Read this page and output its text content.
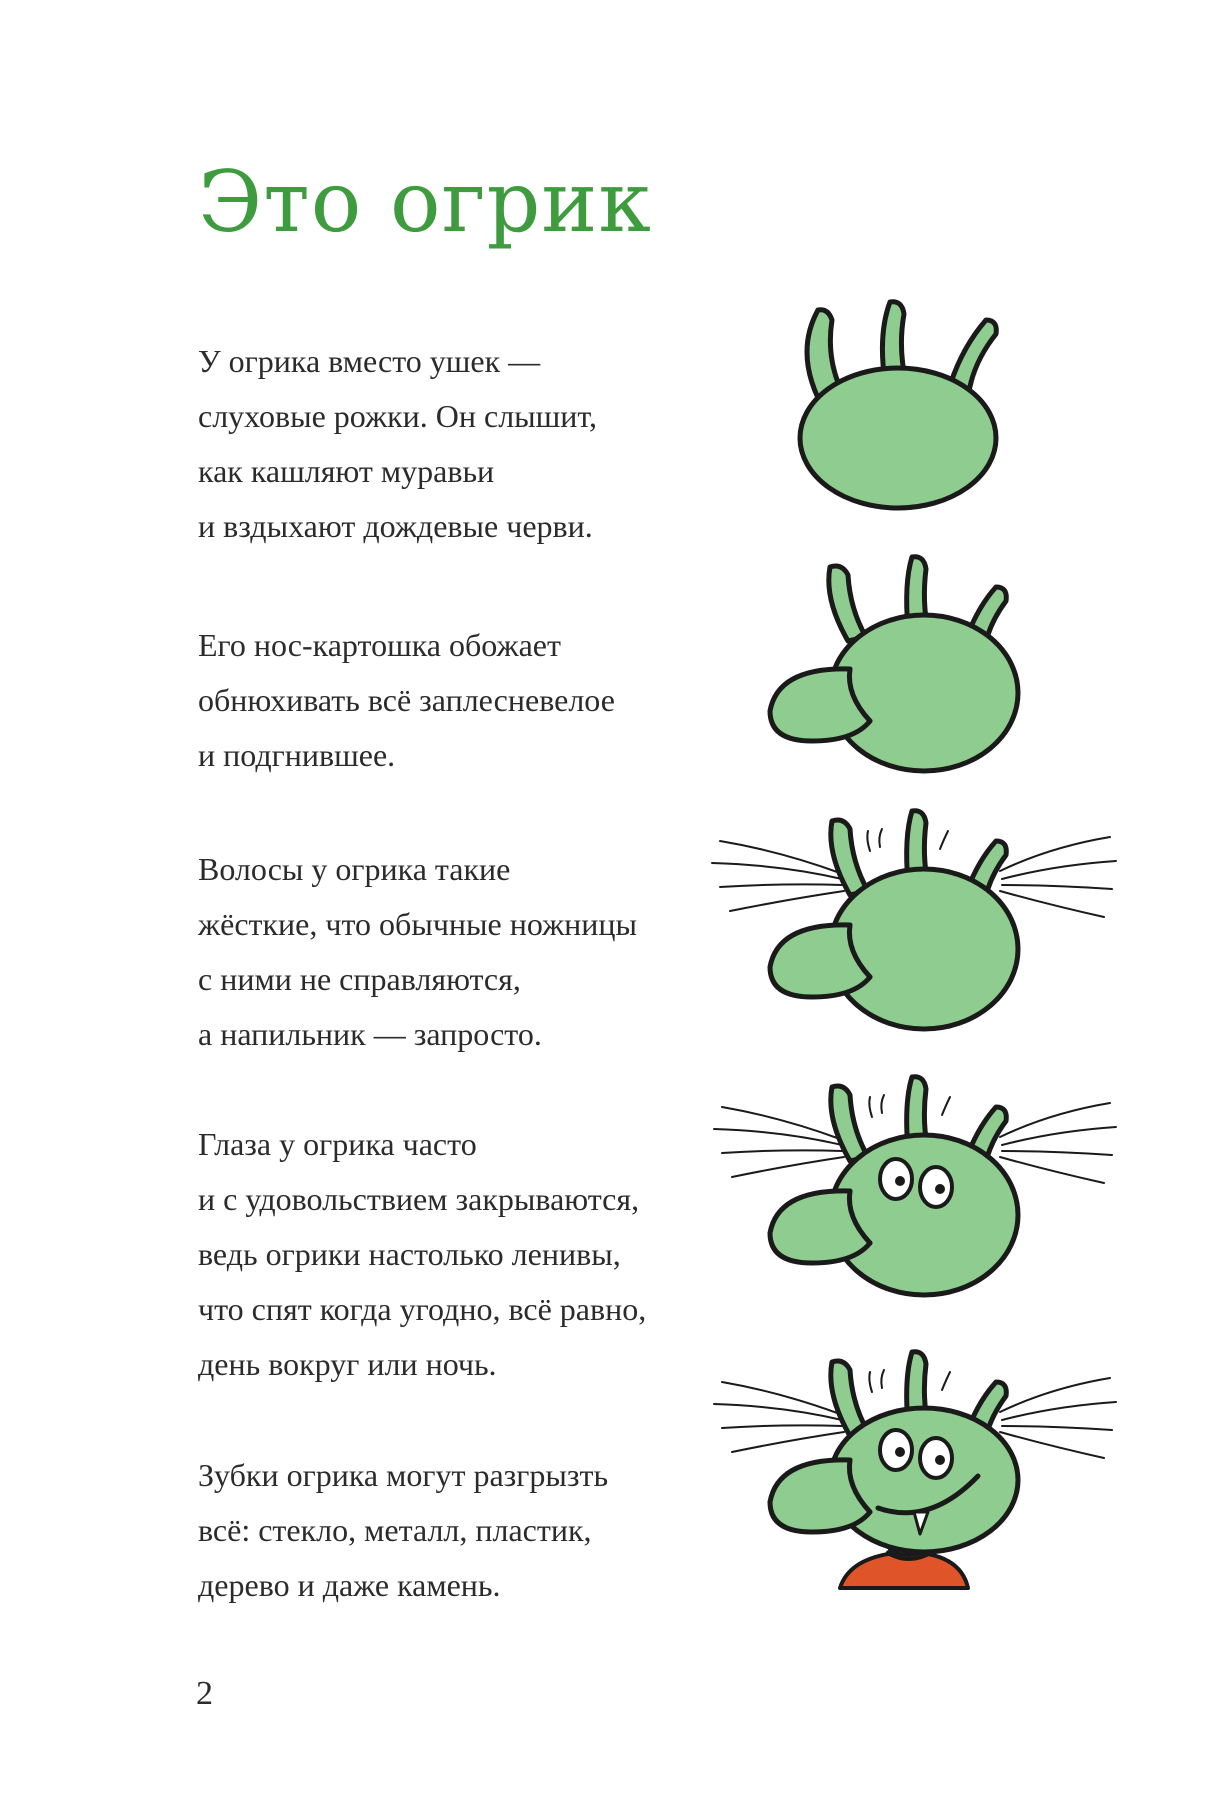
Это огрик

У огрика вместо ушек —
слуховые рожки. Он слышит,
как кашляют муравьи
и вздыхают дождевые черви.

Его нос-картошка обожает
обнюхивать всё заплесневелое
и подгнившее.

Волосы у огрика такие
жёсткие, что обычные ножницы
с ними не справляются,
а напильник — запросто.

Глаза у огрика часто
и с удовольствием закрываются,
ведь огрики настолько ленивы,
что спят когда угодно, всё равно,
день вокруг или ночь.

Зубки огрика могут разгрызть
всё: стекло, металл, пластик,
дерево и даже камень.

2
